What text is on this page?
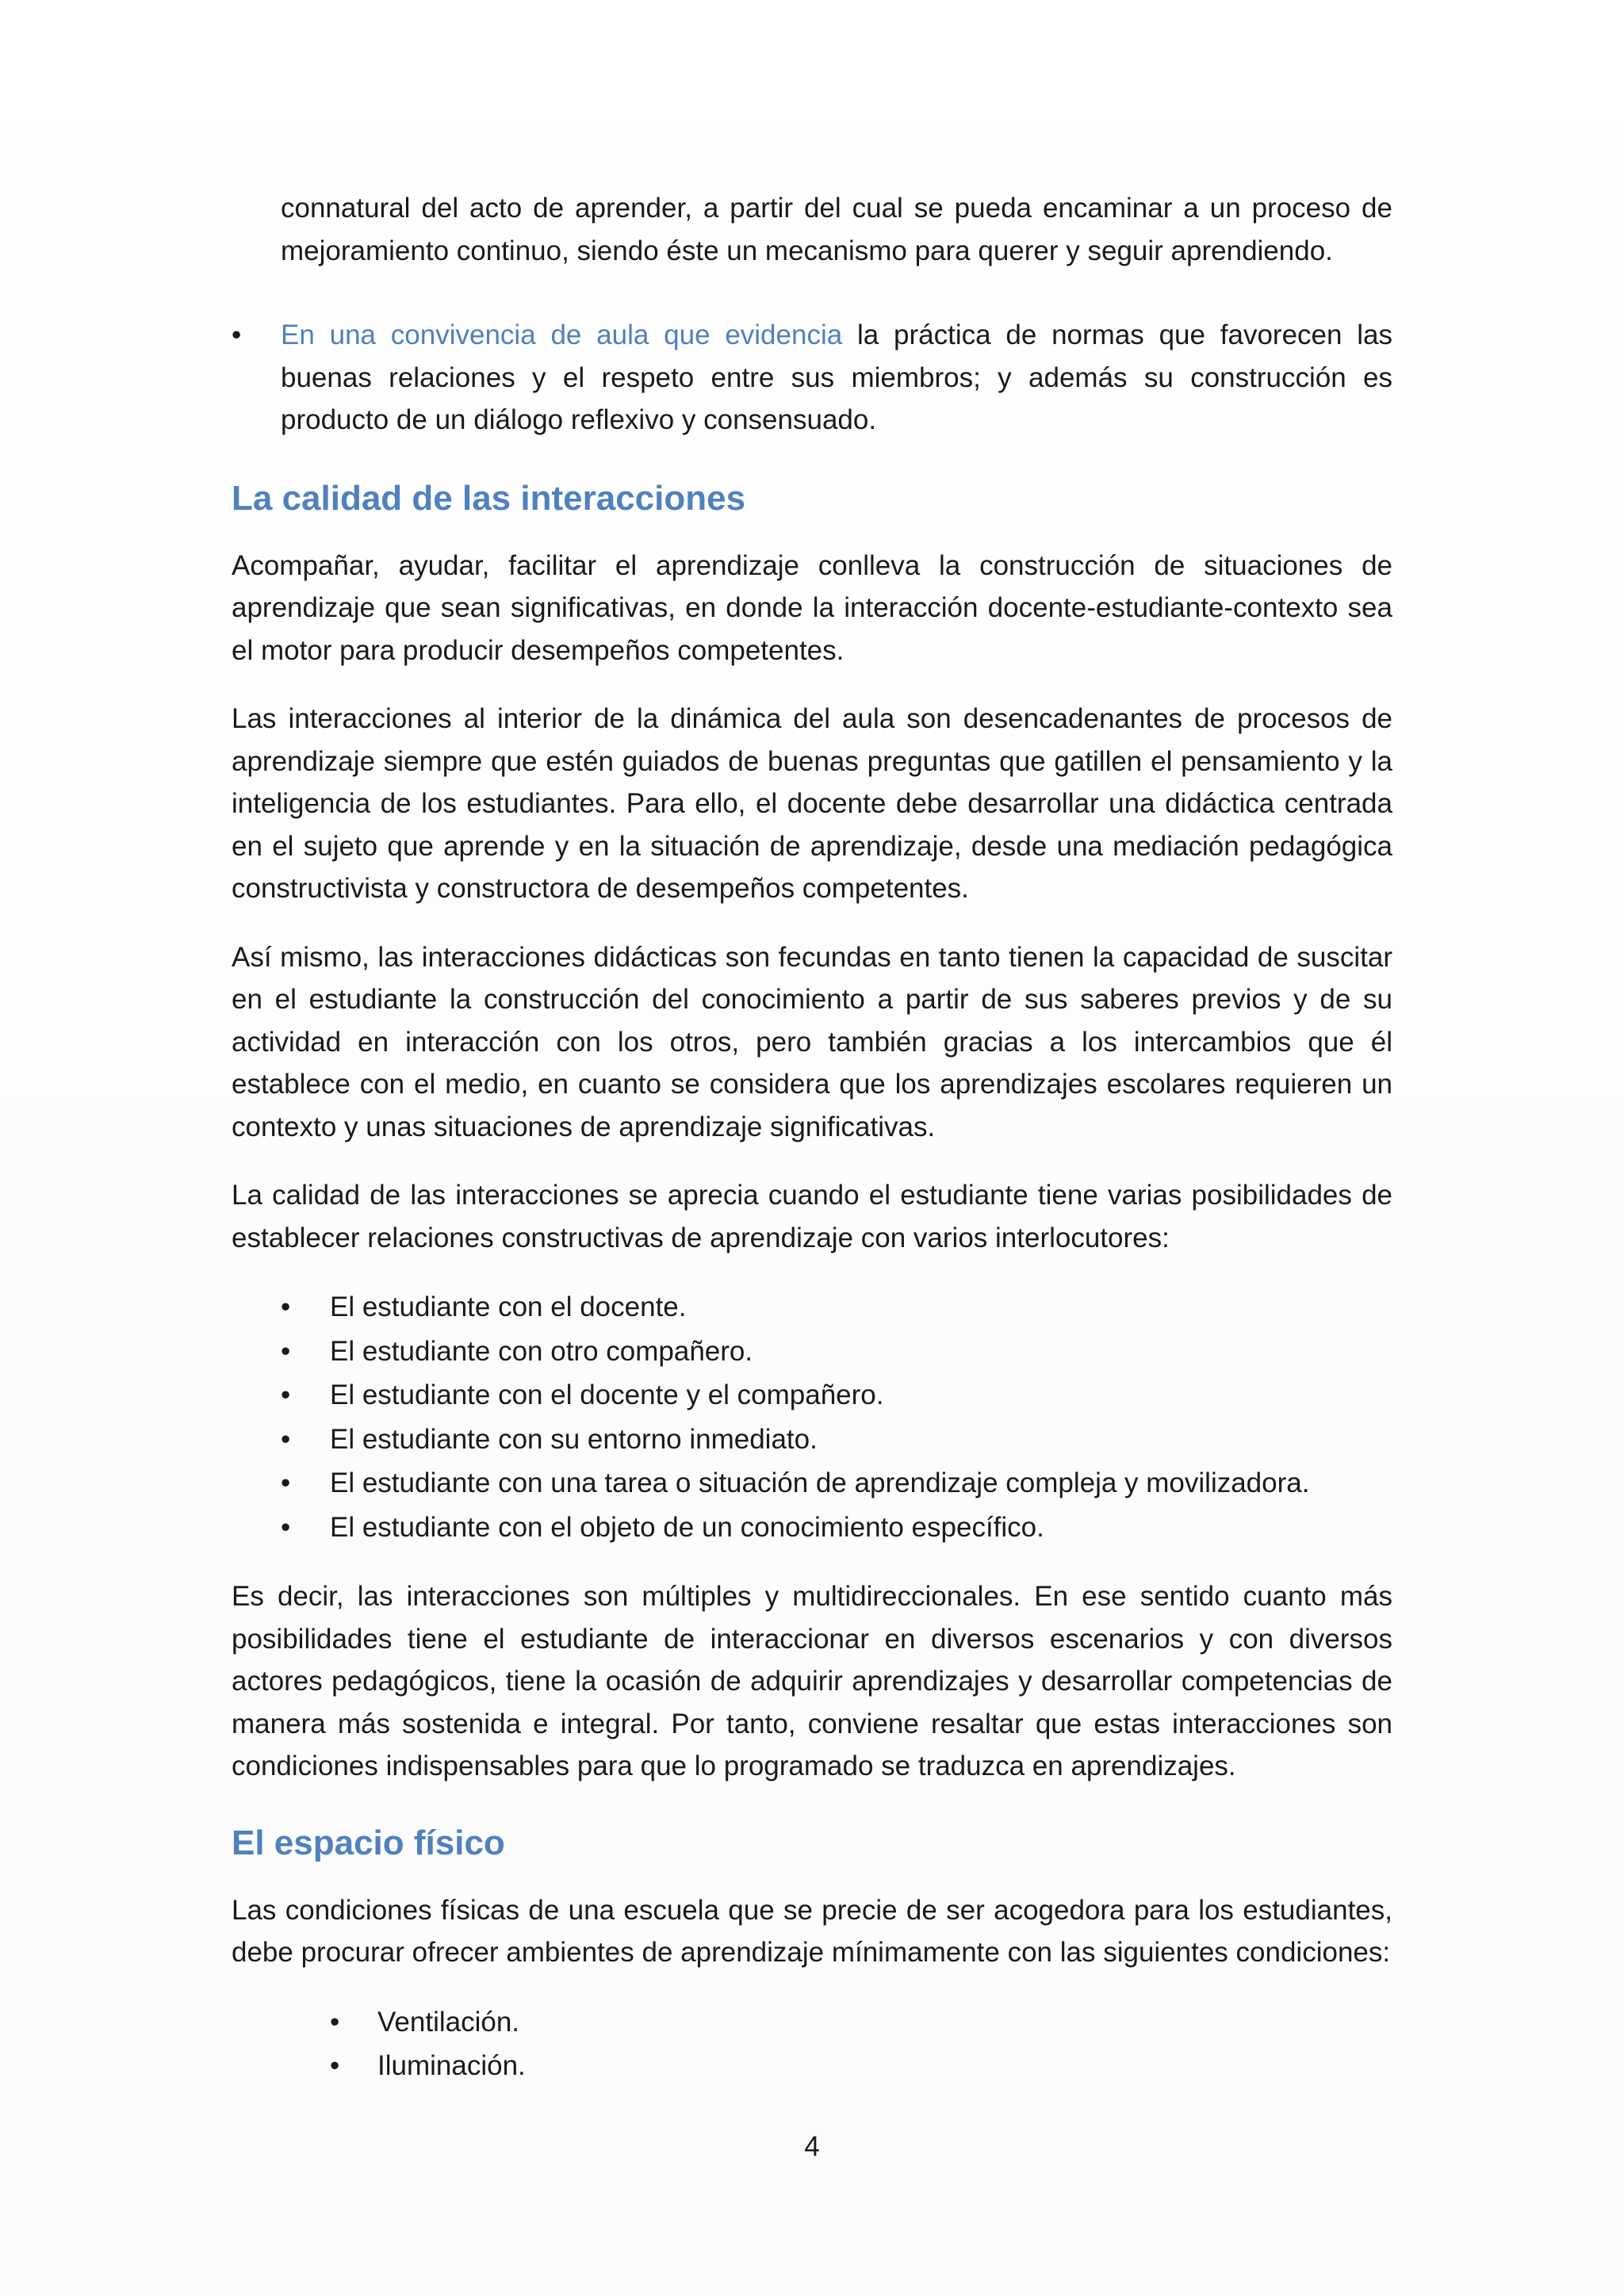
connatural del acto de aprender, a partir del cual se pueda encaminar a un proceso de mejoramiento continuo, siendo éste un mecanismo para querer y seguir aprendiendo.

•	En una convivencia de aula que evidencia la práctica de normas que favorecen las buenas relaciones y el respeto entre sus miembros; y además su construcción es producto de un diálogo reflexivo y consensuado.

La calidad de las interacciones

Acompañar, ayudar, facilitar el aprendizaje conlleva la construcción de situaciones de aprendizaje que sean significativas, en donde la interacción docente-estudiante-contexto sea el motor para producir desempeños competentes.

Las interacciones al interior de la dinámica del aula son desencadenantes de procesos de aprendizaje siempre que estén guiados de buenas preguntas que gatillen el pensamiento y la inteligencia de los estudiantes. Para ello, el docente debe desarrollar una didáctica centrada en el sujeto que aprende y en la situación de aprendizaje, desde una mediación pedagógica constructivista y constructora de desempeños competentes.

Así mismo, las interacciones didácticas son fecundas en tanto tienen la capacidad de suscitar en el estudiante la construcción del conocimiento a partir de sus saberes previos y de su actividad en interacción con los otros, pero también gracias a los intercambios que él establece con el medio, en cuanto se considera que los aprendizajes escolares requieren un contexto y unas situaciones de aprendizaje significativas.

La calidad de las interacciones se aprecia cuando el estudiante tiene varias posibilidades de establecer relaciones constructivas de aprendizaje con varios interlocutores:

• El estudiante con el docente.
• El estudiante con otro compañero.
• El estudiante con el docente y el compañero.
• El estudiante con su entorno inmediato.
• El estudiante con una tarea o situación de aprendizaje compleja y movilizadora.
• El estudiante con el objeto de un conocimiento específico.

Es decir, las interacciones son múltiples y multidireccionales. En ese sentido cuanto más posibilidades tiene el estudiante de interaccionar en diversos escenarios y con diversos actores pedagógicos, tiene la ocasión de adquirir aprendizajes y desarrollar competencias de manera más sostenida e integral. Por tanto, conviene resaltar que estas interacciones son condiciones indispensables para que lo programado se traduzca en aprendizajes.

El espacio físico

Las condiciones físicas de una escuela que se precie de ser acogedora para los estudiantes, debe procurar ofrecer ambientes de aprendizaje mínimamente con las siguientes condiciones:

• Ventilación.
• Iluminación.

4
